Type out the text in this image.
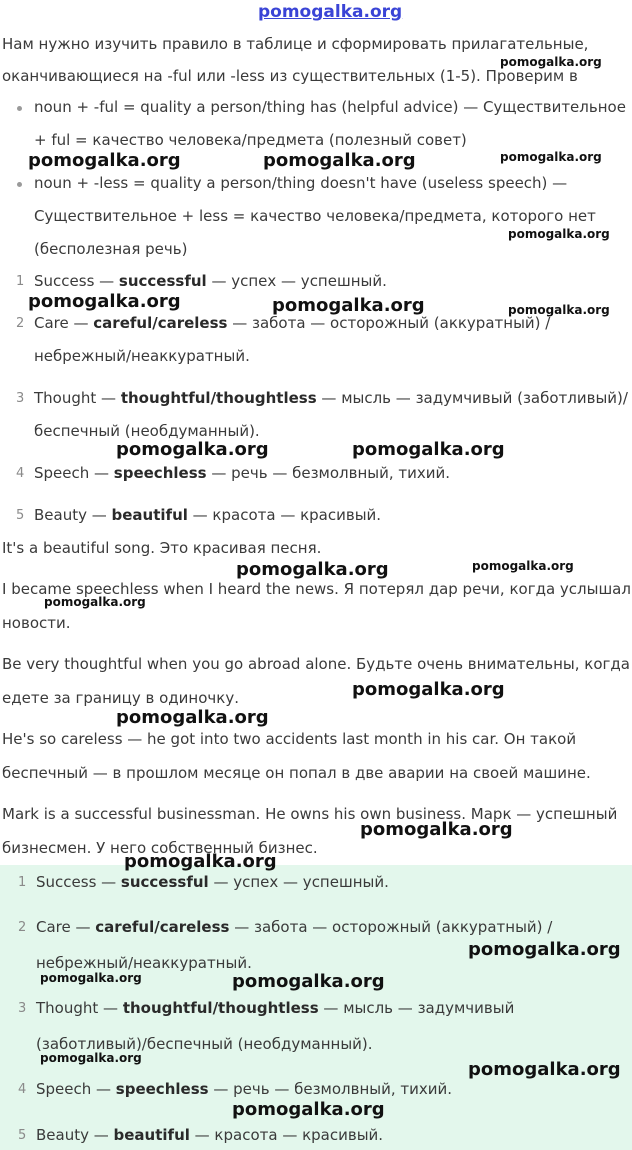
pomogalka.org
Нам нужно изучить правило в таблице и сформировать прилагательные,
оканчивающиеся на -ful или -less из существительных (1-5). Проверим в
noun + -ful = quality a person/thing has (helpful advice) — Существительное
+ ful = качество человека/предмета (полезный совет)
noun + -less = quality a person/thing doesn't have (useless speech) —
Существительное + less = качество человека/предмета, которого нет
(бесполезная речь)
1 Success — successful — успех — успешный.
2 Care — careful/careless — забота — осторожный (аккуратный) /
небрежный/неаккуратный.
3 Thought — thoughtful/thoughtless — мысль — задумчивый (заботливый)/
беспечный (необдуманный).
4 Speech — speechless — речь — безмолвный, тихий.
5 Beauty — beautiful — красота — красивый.
It's a beautiful song. Это красивая песня.
I became speechless when I heard the news. Я потерял дар речи, когда услышал
новости.
Be very thoughtful when you go abroad alone. Будьте очень внимательны, когда
едете за границу в одиночку.
He's so careless — he got into two accidents last month in his car. Он такой
беспечный — в прошлом месяце он попал в две аварии на своей машине.
Mark is a successful businessman. He owns his own business. Марк — успешный
бизнесмен. У него собственный бизнес.
1 Success — successful — успех — успешный.
2 Care — careful/careless — забота — осторожный (аккуратный) /
небрежный/неаккуратный.
3 Thought — thoughtful/thoughtless — мысль — задумчивый
(заботливый)/беспечный (необдуманный).
4 Speech — speechless — речь — безмолвный, тихий.
5 Beauty — beautiful — красота — красивый.
pomogalka.org
pomogalka.org	pomogalka.org	pomogalka.org
pomogalka.org
pomogalka.org	pomogalka.org	pomogalka.org
pomogalka.org	pomogalka.org
pomogalka.org
pomogalka.org
pomogalka.org
pomogalka.org
pomogalka.org
pomogalka.org
pomogalka.org
pomogalka.org
pomogalka.org	pomogalka.org
pomogalka.org
pomogalka.org
pomogalka.org
